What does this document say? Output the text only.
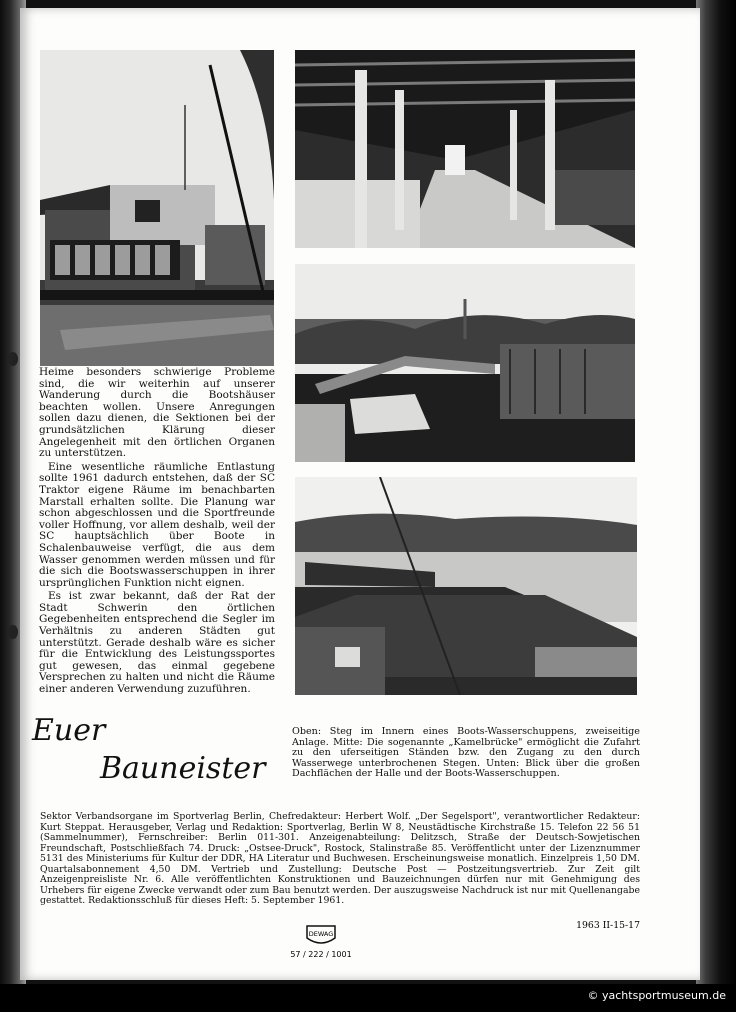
Heime besonders schwierige Probleme sind, die wir weiterhin auf unserer Wanderung durch die Bootshäuser beachten wollen. Unsere Anregungen sollen dazu dienen, die Sektionen bei der grundsätzlichen Klärung dieser Angelegenheit mit den örtlichen Organen zu unterstützen.

Eine wesentliche räumliche Entlastung sollte 1961 dadurch entstehen, daß der SC Traktor eigene Räume im benachbarten Marstall erhalten sollte. Die Planung war schon abgeschlossen und die Sportfreunde voller Hoffnung, vor allem deshalb, weil der SC hauptsächlich über Boote in Schalenbauweise verfügt, die aus dem Wasser genommen werden müssen und für die sich die Bootswasserschuppen in ihrer ursprünglichen Funktion nicht eignen.

Es ist zwar bekannt, daß der Rat der Stadt Schwerin den örtlichen Gegebenheiten entsprechend die Segler im Verhältnis zu anderen Städten gut unterstützt. Gerade deshalb wäre es sicher für die Entwicklung des Leistungssportes gut gewesen, das einmal gegebene Versprechen zu halten und nicht die Räume einer anderen Verwendung zuzuführen.

Euer
Bauneister
Oben: Steg im Innern eines Boots-Wasserschuppens, zweiseitige Anlage. Mitte: Die sogenannte „Kamelbrücke" ermöglicht die Zufahrt zu den uferseitigen Ständen bzw. den Zugang zu den durch Wasserwege unterbrochenen Stegen. Unten: Blick über die großen Dachflächen der Halle und der Boots-Wasserschuppen.
Sektor Verbandsorgane im Sportverlag Berlin, Chefredakteur: Herbert Wolf. „Der Segelsport", verantwortlicher Redakteur: Kurt Steppat. Herausgeber, Verlag und Redaktion: Sportverlag, Berlin W 8, Neustädtische Kirchstraße 15. Telefon 22 56 51 (Sammelnummer), Fernschreiber: Berlin 011-301. Anzeigenabteilung: Delitzsch, Straße der Deutsch-Sowjetischen Freundschaft, Postschließfach 74. Druck: „Ostsee-Druck", Rostock, Stalinstraße 85. Veröffentlicht unter der Lizenznummer 5131 des Ministeriums für Kultur der DDR, HA Literatur und Buchwesen. Erscheinungsweise monatlich. Einzelpreis 1,50 DM. Quartalsabonnement 4,50 DM. Vertrieb und Zustellung: Deutsche Post — Postzeitungsvertrieb. Zur Zeit gilt Anzeigenpreisliste Nr. 6. Alle veröffentlichten Konstruktionen und Bauzeichnungen dürfen nur mit Genehmigung des Urhebers für eigene Zwecke verwandt oder zum Bau benutzt werden. Der auszugsweise Nachdruck ist nur mit Quellenangabe gestattet. Redaktionsschluß für dieses Heft: 5. September 1961.
1963 II-15-17
DEWAG
57 / 222 / 1001
© yachtsportmuseum.de
